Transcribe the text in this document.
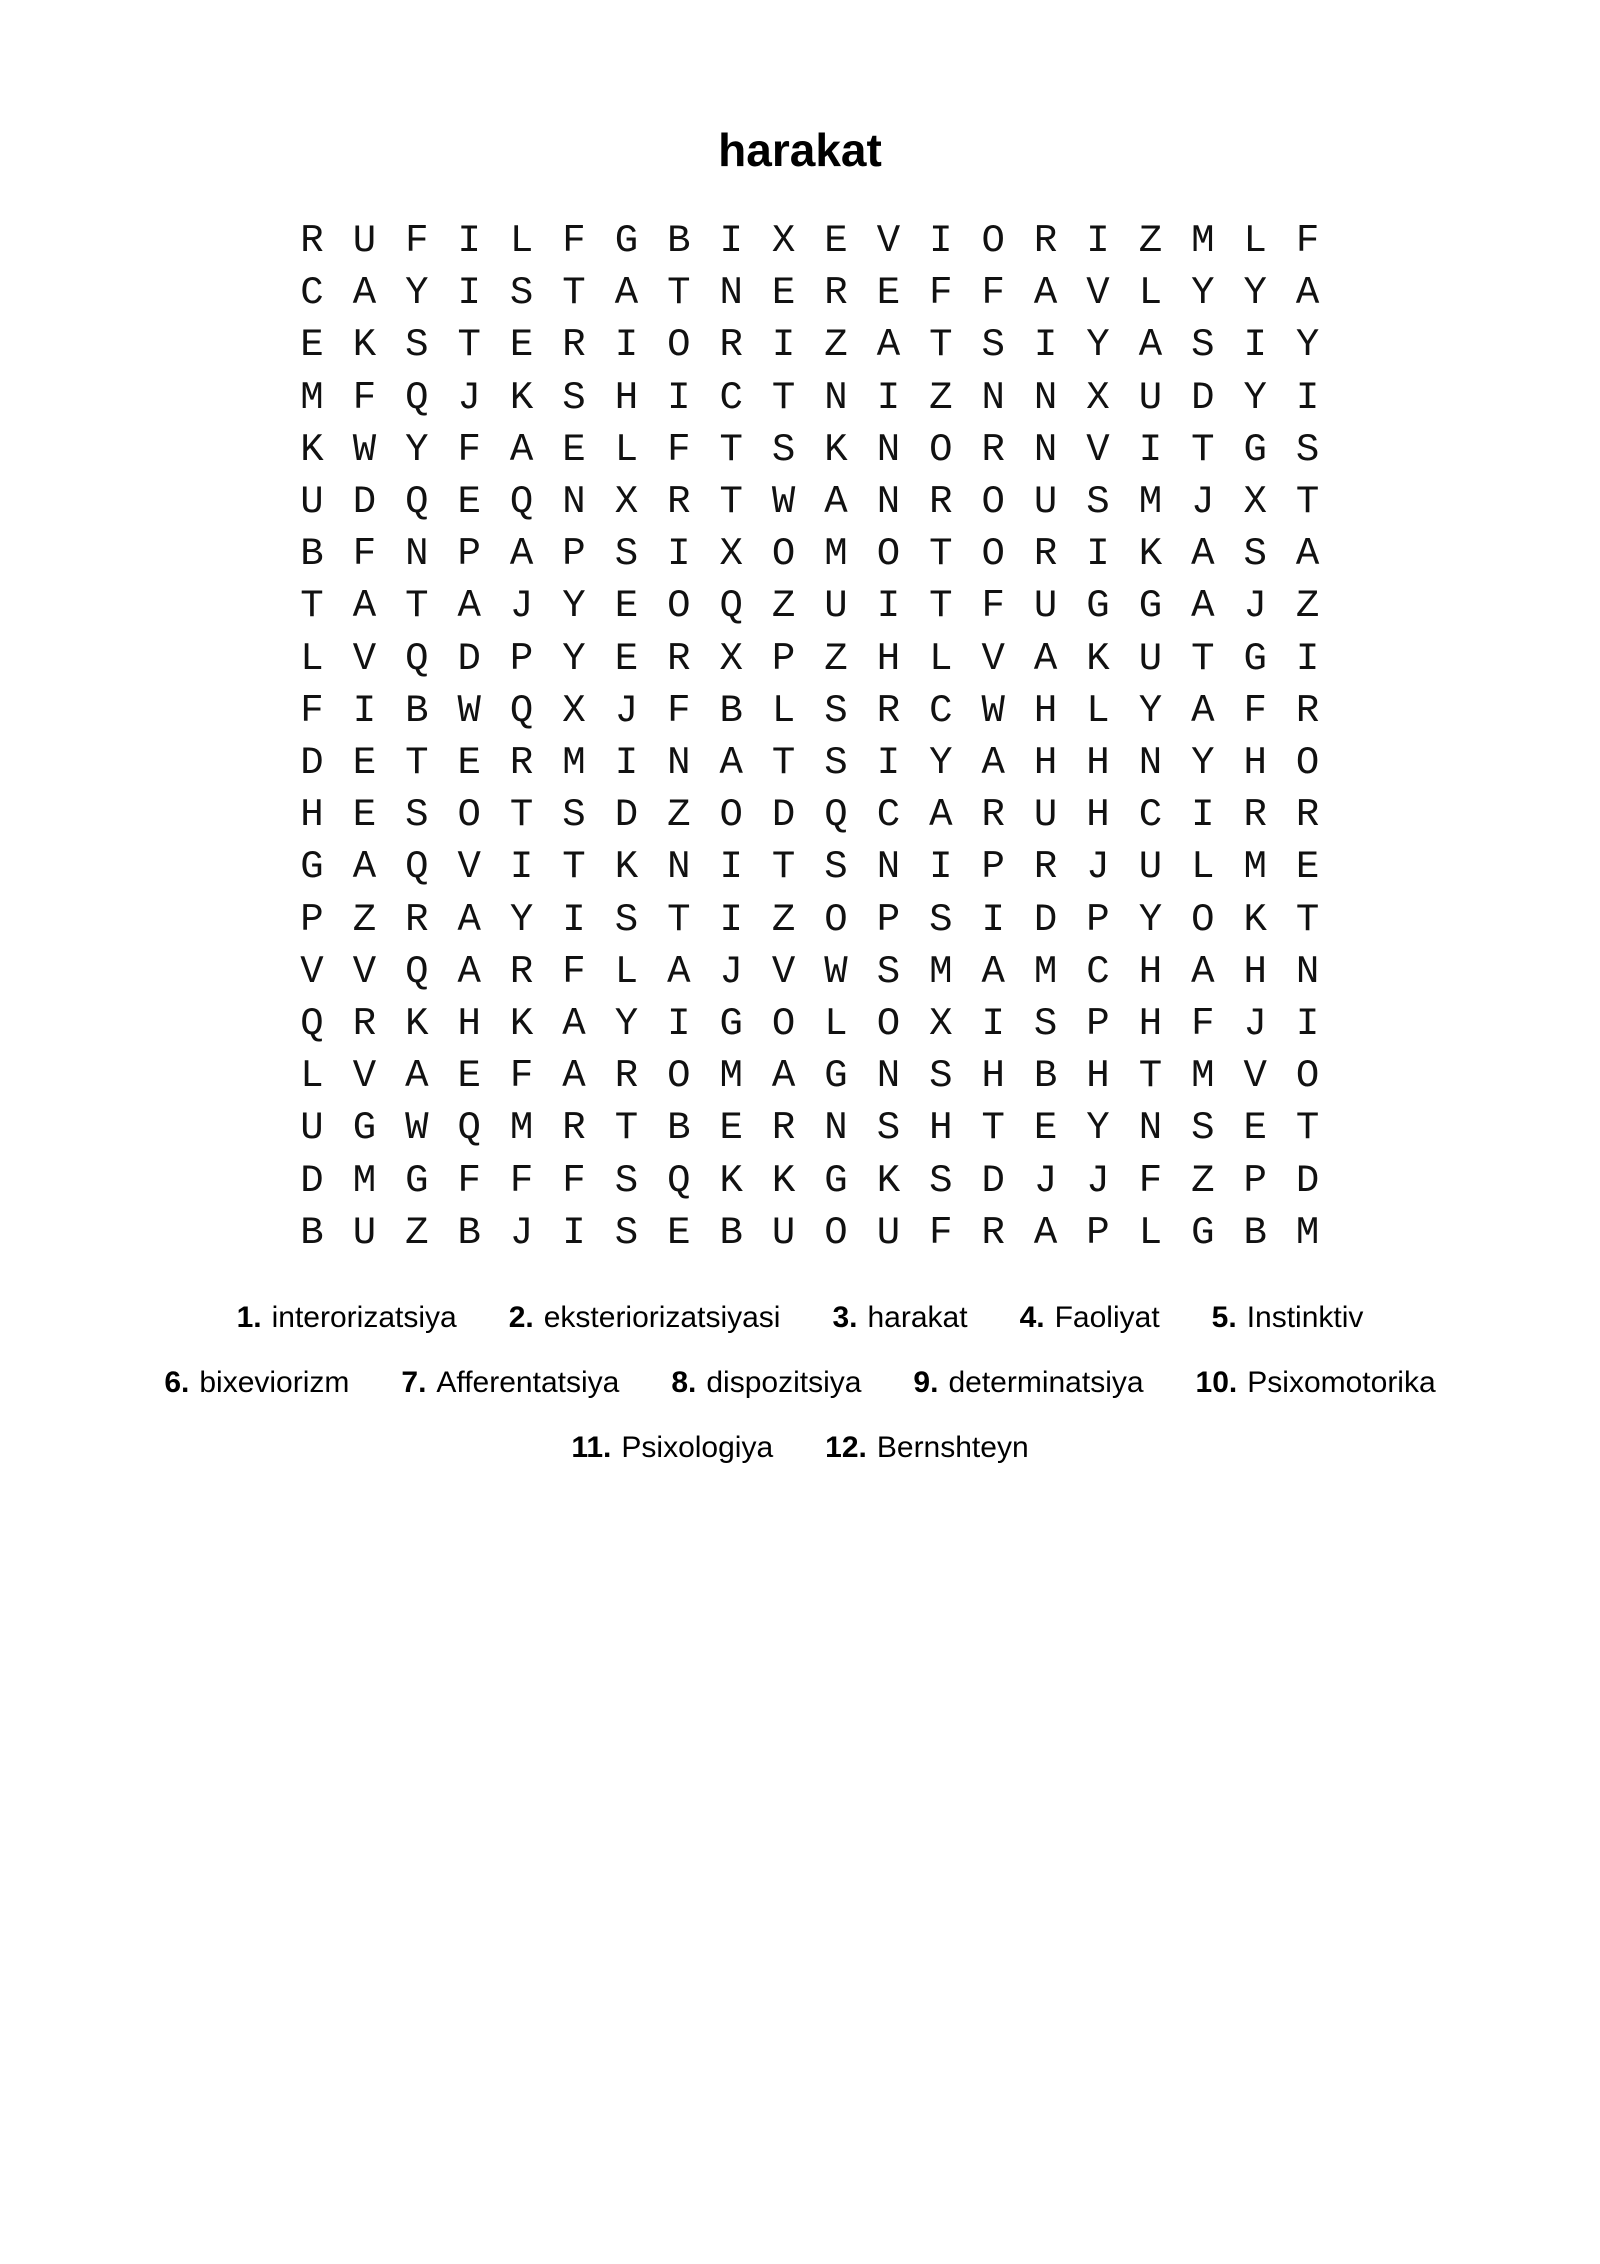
harakat
R U F I L F G B I X E V I O R I Z M L F
C A Y I S T A T N E R E F F A V L Y Y A
E K S T E R I O R I Z A T S I Y A S I Y
M F Q J K S H I C T N I Z N N X U D Y I
K W Y F A E L F T S K N O R N V I T G S
U D Q E Q N X R T W A N R O U S M J X T
B F N P A P S I X O M O T O R I K A S A
T A T A J Y E O Q Z U I T F U G G A J Z
L V Q D P Y E R X P Z H L V A K U T G I
F I B W Q X J F B L S R C W H L Y A F R
D E T E R M I N A T S I Y A H H N Y H O
H E S O T S D Z O D Q C A R U H C I R R
G A Q V I T K N I T S N I P R J U L M E
P Z R A Y I S T I Z O P S I D P Y O K T
V V Q A R F L A J V W S M A M C H A H N
Q R K H K A Y I G O L O X I S P H F J I
L V A E F A R O M A G N S H B H T M V O
U G W Q M R T B E R N S H T E Y N S E T
D M G F F F S Q K K G K S D J J F Z P D
B U Z B J I S E B U O U F R A P L G B M
1. interorizatsiya 2. eksteriorizatsiyasi 3. harakat 4. Faoliyat 5. Instinktiv
6. bixeviorizm 7. Afferentatsiya 8. dispozitsiya 9. determinatsiya 10. Psixomotorika
11. Psixologiya 12. Bernshteyn
